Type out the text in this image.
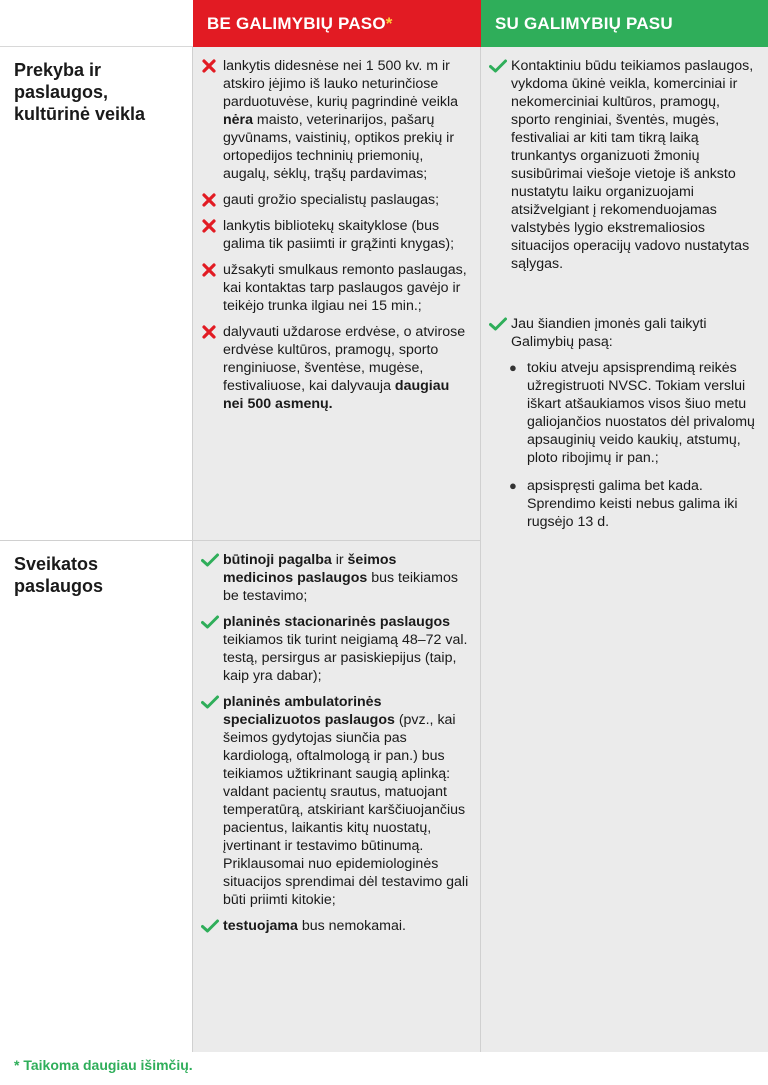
BE GALIMYBIŲ PASO *	SU GALIMYBIŲ PASU
Prekyba ir paslaugos, kultūrinė veikla
lankytis didesnėse nei 1 500 kv. m ir atskiro įėjimo iš lauko neturinčiose parduotuvėse, kurių pagrindinė veikla nėra maisto, veterinarijos, pašarų gyvūnams, vaistinių, optikos prekių ir ortopedijos techninių priemonių, augalų, sėklų, trąšų pardavimas;
gauti grožio specialistų paslaugas;
lankytis bibliotekų skaityklose (bus galima tik pasiimti ir grąžinti knygas);
užsakyti smulkaus remonto paslaugas, kai kontaktas tarp paslaugos gavėjo ir teikėjo trunka ilgiau nei 15 min.;
dalyvauti uždarose erdvėse, o atvirose erdvėse kultūros, pramogų, sporto renginiuose, šventėse, mugėse, festivaliuose, kai dalyvauja daugiau nei 500 asmenų.
Kontaktiniu būdu teikiamos paslaugos, vykdoma ūkinė veikla, komerciniai ir nekomerciniai kultūros, pramogų, sporto renginiai, šventės, mugės, festivaliai ar kiti tam tikrą laiką trunkantys organizuoti žmonių susibūrimai viešoje vietoje iš anksto nustatytu laiku organizuojami atsižvelgiant į rekomenduojamas valstybės lygio ekstremaliosios situacijos operacijų vadovo nustatytas sąlygas.
Jau šiandien įmonės gali taikyti Galimybių pasą:
● tokiu atveju apsisprendimą reikės užregistruoti NVSC. Tokiam verslui iškart atšaukiamos visos šiuo metu galiojančios nuostatos dėl privalomų apsauginių veido kaukių, atstumų, ploto ribojimų ir pan.;
● apsispręsti galima bet kada. Sprendimo keisti nebus galima iki rugsėjo 13 d.
Sveikatos paslaugos
būtinoji pagalba ir šeimos medicinos paslaugos bus teikiamos be testavimo;
planinės stacionarinės paslaugos teikiamos tik turint neigiamą 48–72 val. testą, persirgus ar pasiskiepijus (taip, kaip yra dabar);
planinės ambulatorinės specializuotos paslaugos (pvz., kai šeimos gydytojas siunčia pas kardiologą, oftalmologą ir pan.) bus teikiamos užtikrinant saugią aplinką: valdant pacientų srautus, matuojant temperatūrą, atskiriant karščiuojančius pacientus, laikantis kitų nuostatų, įvertinant ir testavimo būtinumą. Priklausomai nuo epidemiologinės situacijos sprendimai dėl testavimo gali būti priimti kitokie;
testuojama bus nemokamai.
* Taikoma daugiau išimčių.
